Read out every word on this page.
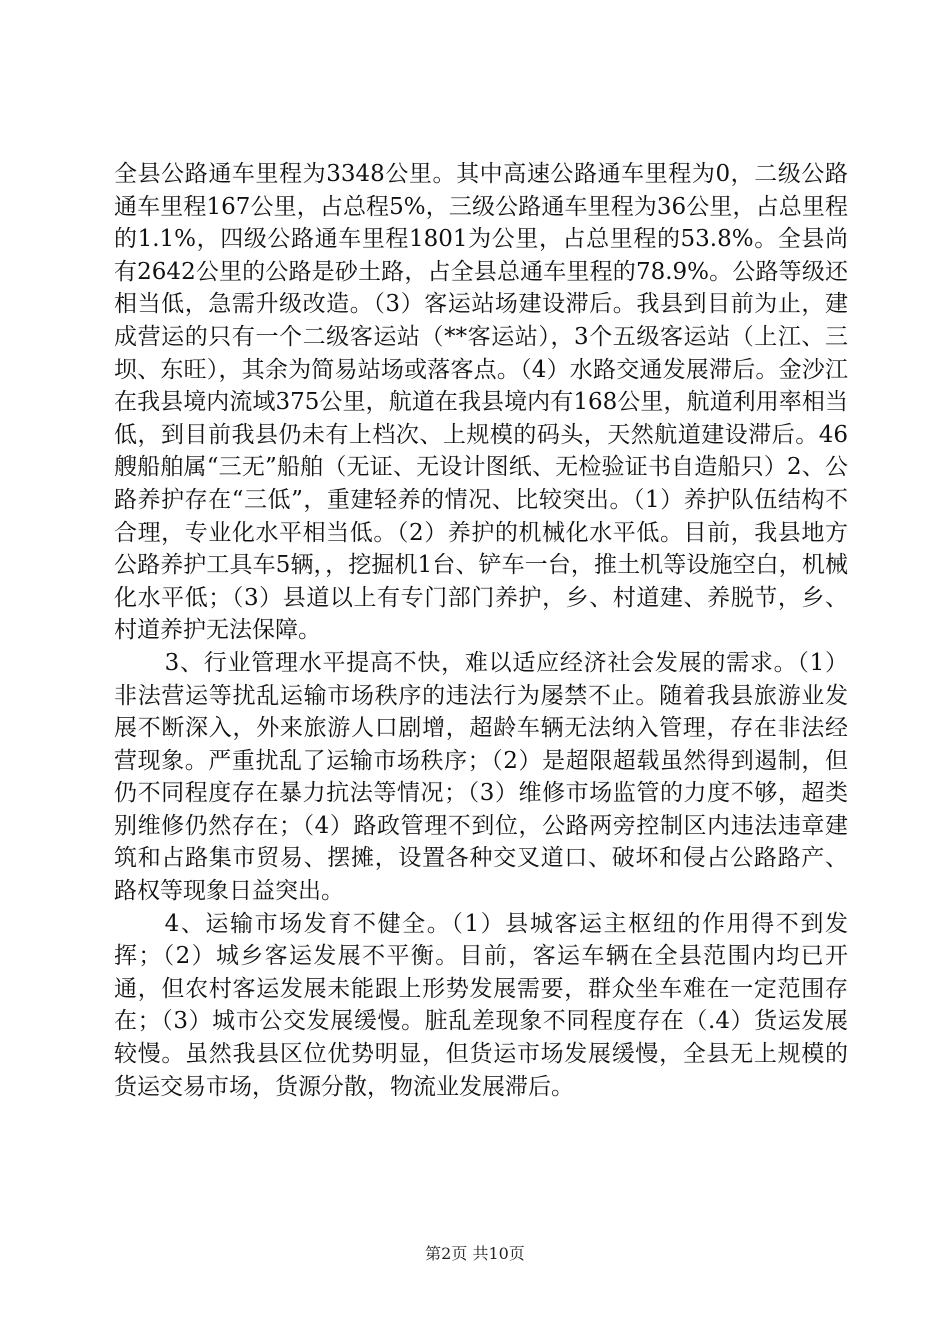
全县公路通车里程为3348公里。其中高速公路通车里程为0，二级公路通车里程167公里，占总程5%，三级公路通车里程为36公里，占总里程的1.1%，四级公路通车里程1801为公里，占总里程的53.8%。全县尚有2642公里的公路是砂土路，占全县总通车里程的78.9%。公路等级还相当低，急需升级改造。（3）客运站场建设滞后。我县到目前为止，建成营运的只有一个二级客运站（**客运站），3个五级客运站（上江、三坝、东旺），其余为简易站场或落客点。（4）水路交通发展滞后。金沙江在我县境内流域375公里，航道在我县境内有168公里，航道利用率相当低，到目前我县仍未有上档次、上规模的码头，天然航道建设滞后。46艘船舶属“三无”船舶（无证、无设计图纸、无检验证书自造船只）2、公路养护存在“三低”，重建轻养的情况、比较突出。（1）养护队伍结构不合理，专业化水平相当低。（2）养护的机械化水平低。目前，我县地方公路养护工具车5辆，，挖掘机1台、铲车一台，推土机等设施空白，机械化水平低；（3）县道以上有专门部门养护，乡、村道建、养脱节，乡、村道养护无法保障。

3、行业管理水平提高不快，难以适应经济社会发展的需求。（1）非法营运等扰乱运输市场秩序的违法行为屡禁不止。随着我县旅游业发展不断深入，外来旅游人口剧增，超龄车辆无法纳入管理，存在非法经营现象。严重扰乱了运输市场秩序；（2）是超限超载虽然得到遏制，但仍不同程度存在暴力抗法等情况；（3）维修市场监管的力度不够，超类别维修仍然存在；（4）路政管理不到位，公路两旁控制区内违法违章建筑和占路集市贸易、摆摊，设置各种交叉道口、破坏和侵占公路路产、路权等现象日益突出。

4、运输市场发育不健全。（1）县城客运主枢纽的作用得不到发挥；（2）城乡客运发展不平衡。目前，客运车辆在全县范围内均已开通，但农村客运发展未能跟上形势发展需要，群众坐车难在一定范围存在；（3）城市公交发展缓慢。脏乱差现象不同程度存在（.4）货运发展较慢。虽然我县区位优势明显，但货运市场发展缓慢，全县无上规模的货运交易市场，货源分散，物流业发展滞后。

第2页 共10页
